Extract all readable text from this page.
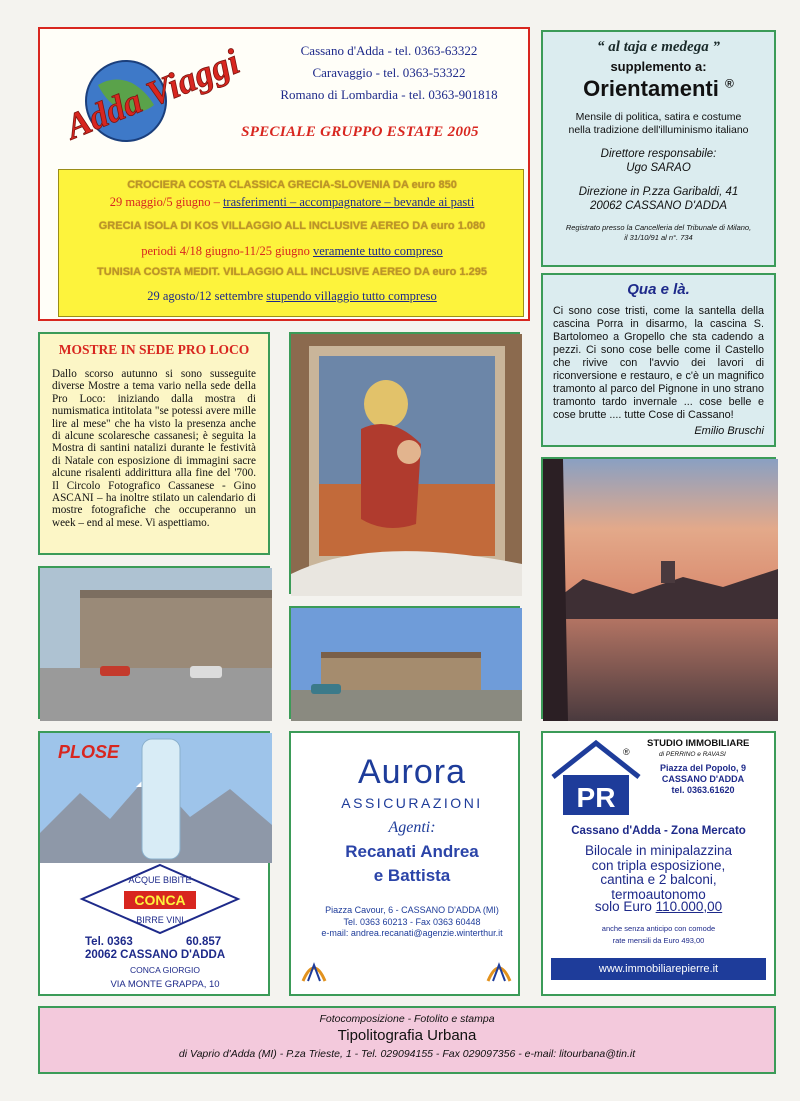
Adda Viaggi	Cassano d'Adda - tel. 0363-63322
Caravaggio - tel. 0363-53322
Romano di Lombardia - tel. 0363-901818
SPECIALE GRUPPO ESTATE 2005
CROCIERA COSTA CLASSICA GRECIA-SLOVENIA DA euro 850
29 maggio/5 giugno – trasferimenti – accompagnatore – bevande ai pasti
GRECIA ISOLA DI KOS VILLAGGIO ALL INCLUSIVE AEREO DA euro 1.080
periodi 4/18 giugno-11/25 giugno veramente tutto compreso
TUNISIA COSTA MEDIT. VILLAGGIO ALL INCLUSIVE AEREO DA euro 1.295
29 agosto/12 settembre stupendo villaggio tutto compreso
“ al taja e medega ”
supplemento a:
Orientamenti ®
Mensile di politica, satira e costume
nella tradizione dell'illuminismo italiano
Direttore responsabile:
Ugo SARAO
Direzione in P.zza Garibaldi, 41
20062 CASSANO D'ADDA
Registrato presso la Cancelleria del Tribunale di Milano,
il 31/10/91 al n°. 734
Qua e là.
Ci sono cose tristi, come la santella della cascina Porra in disarmo, la cascina S. Bartolomeo a Gropello che sta cadendo a pezzi. Ci sono cose belle come il Castello che rivive con l'avvio dei lavori di riconversione e restauro, e c'è un magnifico tramonto al parco del Pignone in uno strano tramonto tardo invernale ... cose belle e cose brutte .... tutte Cose di Cassano!
Emilio Bruschi
MOSTRE IN SEDE PRO LOCO
Dallo scorso autunno si sono susseguite diverse Mostre a tema vario nella sede della Pro Loco: iniziando dalla mostra di numismatica intitolata "se potessi avere mille lire al mese" che ha visto la presenza anche di alcune scolaresche cassanesi; è seguita la Mostra di santini natalizi durante le festività di Natale con esposizione di immagini sacre alcune risalenti addirittura alla fine del '700. Il Circolo Fotografico Cassanese - Gino ASCANI – ha inoltre stilato un calendario di mostre fotografiche che occuperanno un week – end al mese. Vi aspettiamo.
PLOSE
ACQUE BIBITE
CONCA
BIRRE VINI
Tel. 0363	60.857
20062 CASSANO D'ADDA
CONCA GIORGIO
VIA MONTE GRAPPA, 10
Aurora
ASSICURAZIONI
Agenti:
Recanati Andrea
e Battista
Piazza Cavour, 6 - CASSANO D'ADDA (MI)
Tel. 0363 60213 - Fax 0363 60448
e-mail: andrea.recanati@agenzie.winterthur.it
PR
®
STUDIO IMMOBILIARE
di PERRINO e RAVASI
Piazza del Popolo, 9
CASSANO D'ADDA
tel. 0363.61620
Cassano d'Adda - Zona Mercato
Bilocale in minipalazzina
con tripla esposizione,
cantina e 2 balconi,
termoautonomo
solo Euro 110.000,00
anche senza anticipo con comode
rate mensili da Euro 493,00
www.immobiliarepierre.it
Fotocomposizione - Fotolito e stampa
Tipolitografia Urbana
di Vaprio d'Adda (MI) - P.za Trieste, 1 - Tel. 029094155 - Fax 029097356 - e-mail: litourbana@tin.it
